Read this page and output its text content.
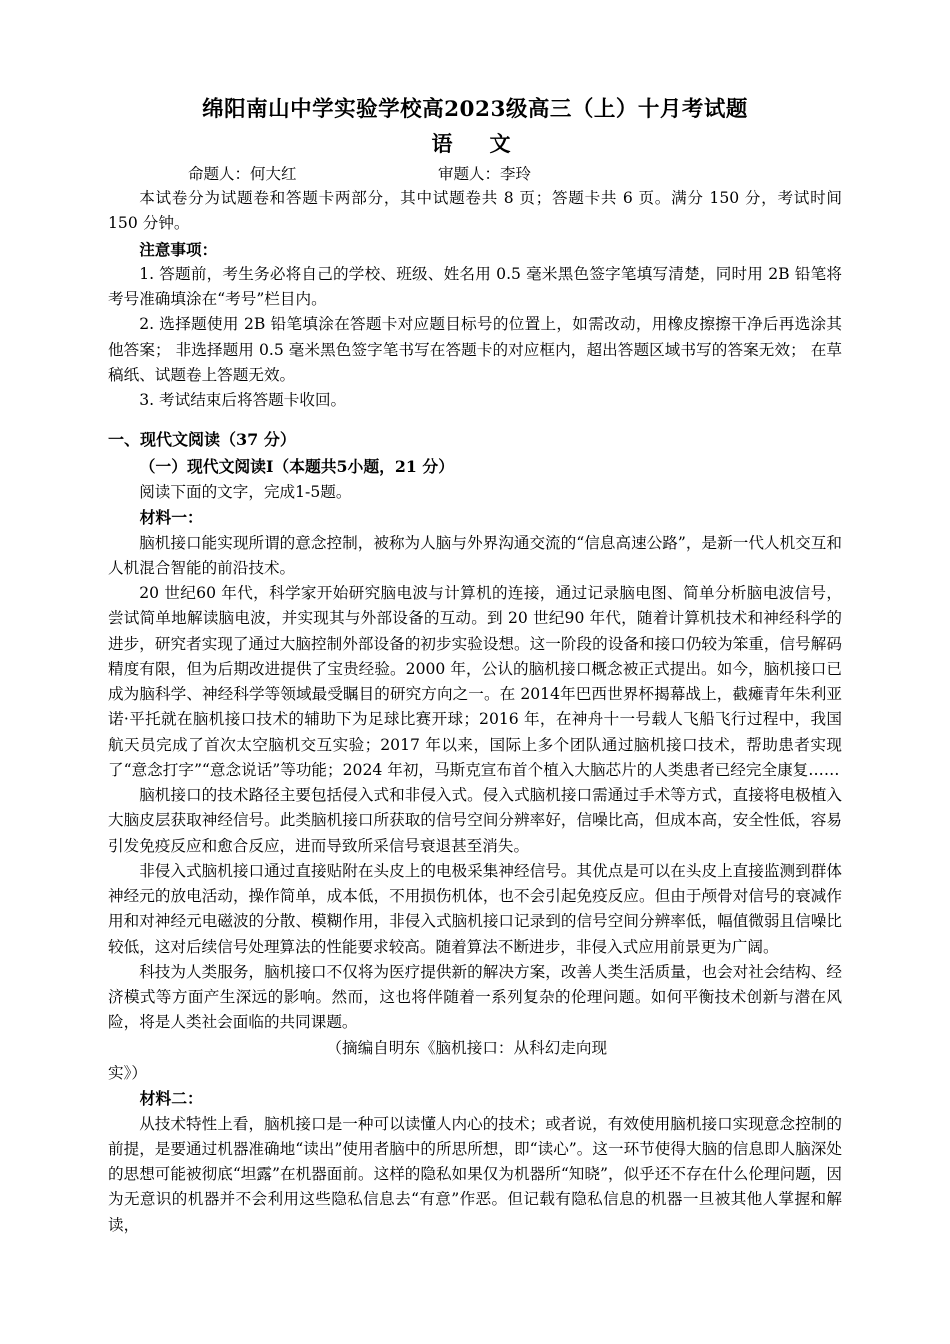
绵阳南山中学实验学校高2023级高三（上）十月考试题
语　文
命题人：何大红	审题人：李玲

本试卷分为试题卷和答题卡两部分，其中试题卷共 8 页；答题卡共 6 页。满分 150 分，考试时间 150 分钟。

注意事项：

1. 答题前，考生务必将自己的学校、班级、姓名用 0.5 毫米黑色签字笔填写清楚，同时用 2B 铅笔将考号准确填涂在“考号”栏目内。

2. 选择题使用 2B 铅笔填涂在答题卡对应题目标号的位置上，如需改动，用橡皮擦擦干净后再选涂其他答案； 非选择题用 0.5 毫米黑色签字笔书写在答题卡的对应框内，超出答题区域书写的答案无效； 在草稿纸、试题卷上答题无效。

3. 考试结束后将答题卡收回。

一、现代文阅读（37 分）

（一）现代文阅读I（本题共5小题，21 分）

阅读下面的文字，完成1-5题。

材料一：

脑机接口能实现所谓的意念控制，被称为人脑与外界沟通交流的“信息高速公路”，是新一代人机交互和人机混合智能的前沿技术。

20 世纪60 年代，科学家开始研究脑电波与计算机的连接，通过记录脑电图、简单分析脑电波信号，尝试简单地解读脑电波，并实现其与外部设备的互动。到 20 世纪90 年代，随着计算机技术和神经科学的进步，研究者实现了通过大脑控制外部设备的初步实验设想。这一阶段的设备和接口仍较为笨重，信号解码精度有限，但为后期改进提供了宝贵经验。2000 年，公认的脑机接口概念被正式提出。如今，脑机接口已成为脑科学、神经科学等领域最受瞩目的研究方向之一。在 2014年巴西世界杯揭幕战上，截瘫青年朱利亚诺·平托就在脑机接口技术的辅助下为足球比赛开球；2016 年，在神舟十一号载人飞船飞行过程中，我国航天员完成了首次太空脑机交互实验；2017 年以来，国际上多个团队通过脑机接口技术，帮助患者实现了“意念打字”“意念说话”等功能；2024 年初，马斯克宣布首个植入大脑芯片的人类患者已经完全康复……

脑机接口的技术路径主要包括侵入式和非侵入式。侵入式脑机接口需通过手术等方式，直接将电极植入大脑皮层获取神经信号。此类脑机接口所获取的信号空间分辨率好，信噪比高，但成本高，安全性低，容易引发免疫反应和愈合反应，进而导致所采信号衰退甚至消失。

非侵入式脑机接口通过直接贴附在头皮上的电极采集神经信号。其优点是可以在头皮上直接监测到群体神经元的放电活动，操作简单，成本低，不用损伤机体，也不会引起免疫反应。但由于颅骨对信号的衰减作用和对神经元电磁波的分散、模糊作用，非侵入式脑机接口记录到的信号空间分辨率低，幅值微弱且信噪比较低，这对后续信号处理算法的性能要求较高。随着算法不断进步，非侵入式应用前景更为广阔。

科技为人类服务，脑机接口不仅将为医疗提供新的解决方案，改善人类生活质量，也会对社会结构、经济模式等方面产生深远的影响。然而，这也将伴随着一系列复杂的伦理问题。如何平衡技术创新与潜在风险，将是人类社会面临的共同课题。

（摘编自明东《脑机接口：从科幻走向现

实》）

材料二：

从技术特性上看，脑机接口是一种可以读懂人内心的技术；或者说，有效使用脑机接口实现意念控制的前提，是要通过机器准确地“读出”使用者脑中的所思所想，即“读心”。这一环节使得大脑的信息即人脑深处的思想可能被彻底“坦露”在机器面前。这样的隐私如果仅为机器所“知晓”，似乎还不存在什么伦理问题，因为无意识的机器并不会利用这些隐私信息去“有意”作恶。但记载有隐私信息的机器一旦被其他人掌握和解读，
